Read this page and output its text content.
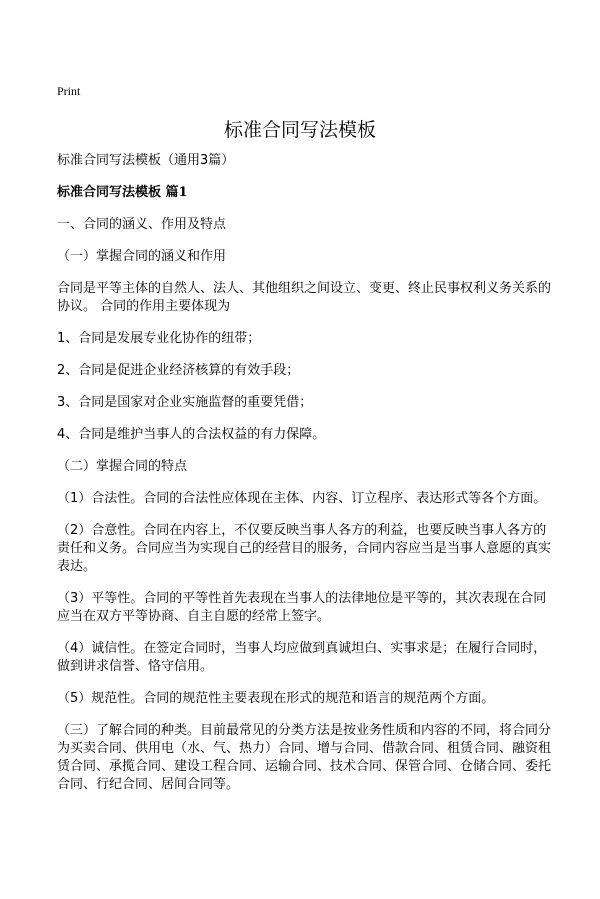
Print
标准合同写法模板

标准合同写法模板（通用3篇）

标准合同写法模板 篇1

一、合同的涵义、作用及特点

（一）掌握合同的涵义和作用

合同是平等主体的自然人、法人、其他组织之间设立、变更、终止民事权利义务关系的协议。 合同的作用主要体现为

1、合同是发展专业化协作的纽带；

2、合同是促进企业经济核算的有效手段；

3、合同是国家对企业实施监督的重要凭借；

4、合同是维护当事人的合法权益的有力保障。

（二）掌握合同的特点

（1）合法性。合同的合法性应体现在主体、内容、订立程序、表达形式等各个方面。

（2）合意性。合同在内容上，不仅要反映当事人各方的利益，也要反映当事人各方的责任和义务。合同应当为实现自己的经营目的服务，合同内容应当是当事人意愿的真实表达。

（3）平等性。合同的平等性首先表现在当事人的法律地位是平等的，其次表现在合同应当在双方平等协商、自主自愿的经常上签字。

（4）诚信性。在签定合同时，当事人均应做到真诚坦白、实事求是；在履行合同时，做到讲求信誉、恪守信用。

（5）规范性。合同的规范性主要表现在形式的规范和语言的规范两个方面。

（三）了解合同的种类。目前最常见的分类方法是按业务性质和内容的不同，将合同分为买卖合同、供用电（水、气、热力）合同、增与合同、借款合同、租赁合同、融资租赁合同、承揽合同、建设工程合同、运输合同、技术合同、保管合同、仓储合同、委托合同、行纪合同、居间合同等。
